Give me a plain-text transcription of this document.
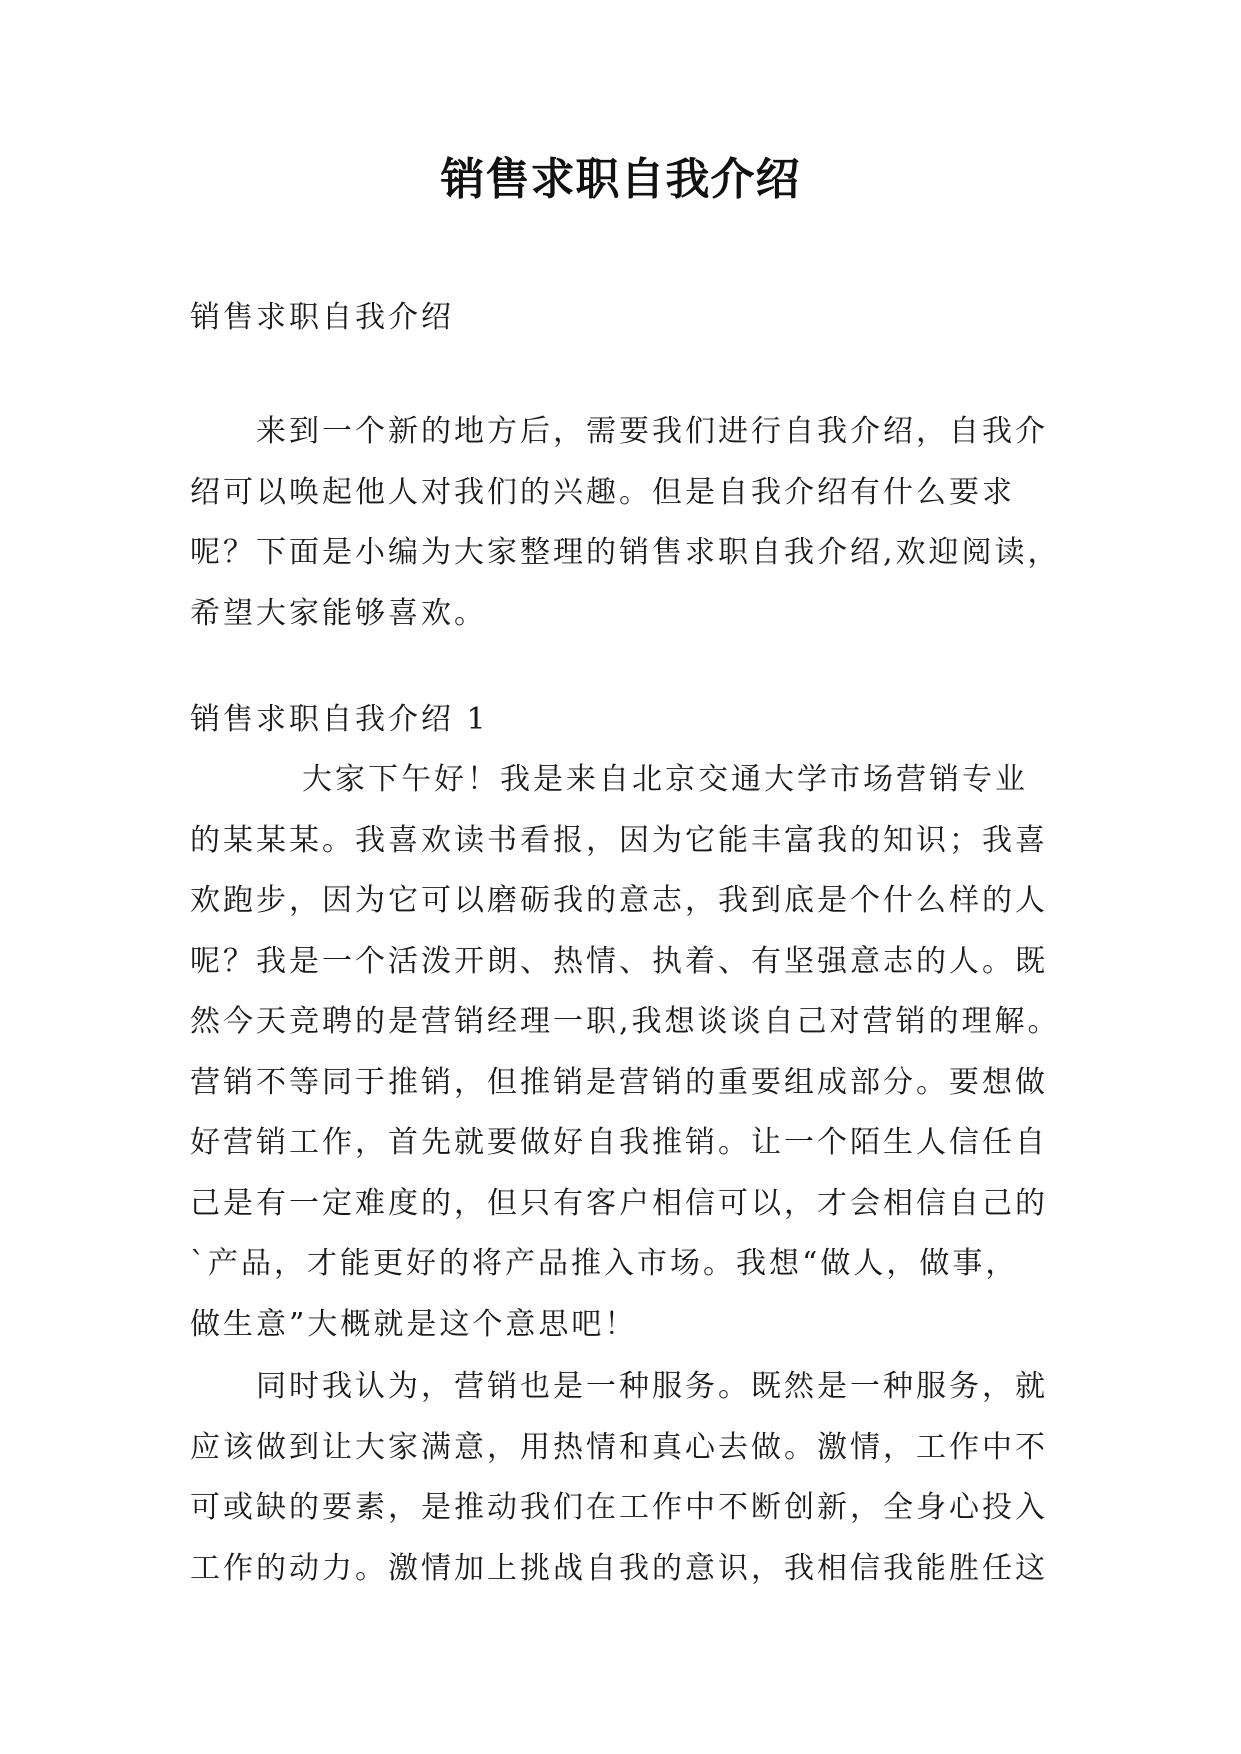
销售求职自我介绍
销售求职自我介绍
来到一个新的地方后，需要我们进行自我介绍，自我介
绍可以唤起他人对我们的兴趣。但是自我介绍有什么要求
呢？下面是小编为大家整理的销售求职自我介绍,欢迎阅读，
希望大家能够喜欢。
销售求职自我介绍 1
大家下午好！我是来自北京交通大学市场营销专业
的某某某。我喜欢读书看报，因为它能丰富我的知识；我喜
欢跑步，因为它可以磨砺我的意志，我到底是个什么样的人
呢？我是一个活泼开朗、热情、执着、有坚强意志的人。既
然今天竞聘的是营销经理一职,我想谈谈自己对营销的理解。
营销不等同于推销，但推销是营销的重要组成部分。要想做
好营销工作，首先就要做好自我推销。让一个陌生人信任自
己是有一定难度的，但只有客户相信可以，才会相信自己的
`产品，才能更好的将产品推入市场。我想“做人，做事，
做生意”大概就是这个意思吧！
同时我认为，营销也是一种服务。既然是一种服务，就
应该做到让大家满意，用热情和真心去做。激情，工作中不
可或缺的要素，是推动我们在工作中不断创新，全身心投入
工作的动力。激情加上挑战自我的意识，我相信我能胜任这
